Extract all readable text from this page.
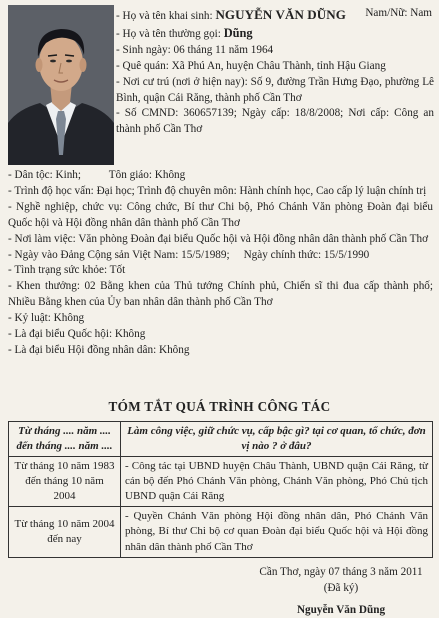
- Họ và tên khai sinh: NGUYỄN VĂN DŨNG Nam/Nữ: Nam
- Họ và tên thường gọi: Dũng
- Sinh ngày: 06 tháng 11 năm 1964
- Quê quán: Xã Phú An, huyện Châu Thành, tỉnh Hậu Giang
- Nơi cư trú (nơi ở hiện nay): Số 9, đường Trần Hưng Đạo, phường Lê Bình, quận Cái Răng, thành phố Cần Thơ
- Số CMND: 360657139; Ngày cấp: 18/8/2008; Nơi cấp: Công an thành phố Cần Thơ
- Dân tộc: Kinh;          Tôn giáo: Không
- Trình độ học vấn: Đại học; Trình độ chuyên môn: Hành chính học, Cao cấp lý luận chính trị
- Nghề nghiệp, chức vụ: Công chức, Bí thư Chi bộ, Phó Chánh Văn phòng Đoàn đại biểu Quốc hội và Hội đồng nhân dân thành phố Cần Thơ
- Nơi làm việc: Văn phòng Đoàn đại biểu Quốc hội và Hội đồng nhân dân thành phố Cần Thơ
- Ngày vào Đảng Cộng sản Việt Nam: 15/5/1989;     Ngày chính thức: 15/5/1990
- Tình trạng sức khỏe: Tốt
- Khen thưởng: 02 Bằng khen của Thủ tướng Chính phủ, Chiến sĩ thi đua cấp thành phố; Nhiều Bằng khen của Ủy ban nhân dân thành phố Cần Thơ
- Kỷ luật: Không
- Là đại biểu Quốc hội: Không
- Là đại biểu Hội đồng nhân dân: Không
TÓM TẮT QUÁ TRÌNH CÔNG TÁC
Từ tháng .... năm .... đến tháng .... năm ....	Làm công việc, giữ chức vụ, cấp bậc gì? tại cơ quan, tổ chức, đơn vị nào ? ở đâu?
Từ tháng 10 năm 1983 đến tháng 10 năm 2004	- Công tác tại UBND huyện Châu Thành, UBND quận Cái Răng, từ cán bộ đến Phó Chánh Văn phòng, Chánh Văn phòng, Phó Chủ tịch UBND quận Cái Răng
Từ tháng 10 năm 2004 đến nay	- Quyền Chánh Văn phòng Hội đồng nhân dân, Phó Chánh Văn phòng, Bí thư Chi bộ cơ quan Đoàn đại biểu Quốc hội và Hội đồng nhân dân thành phố Cần Thơ
Cần Thơ, ngày 07 tháng 3 năm 2011
(Đã ký)
Nguyễn Văn Dũng
